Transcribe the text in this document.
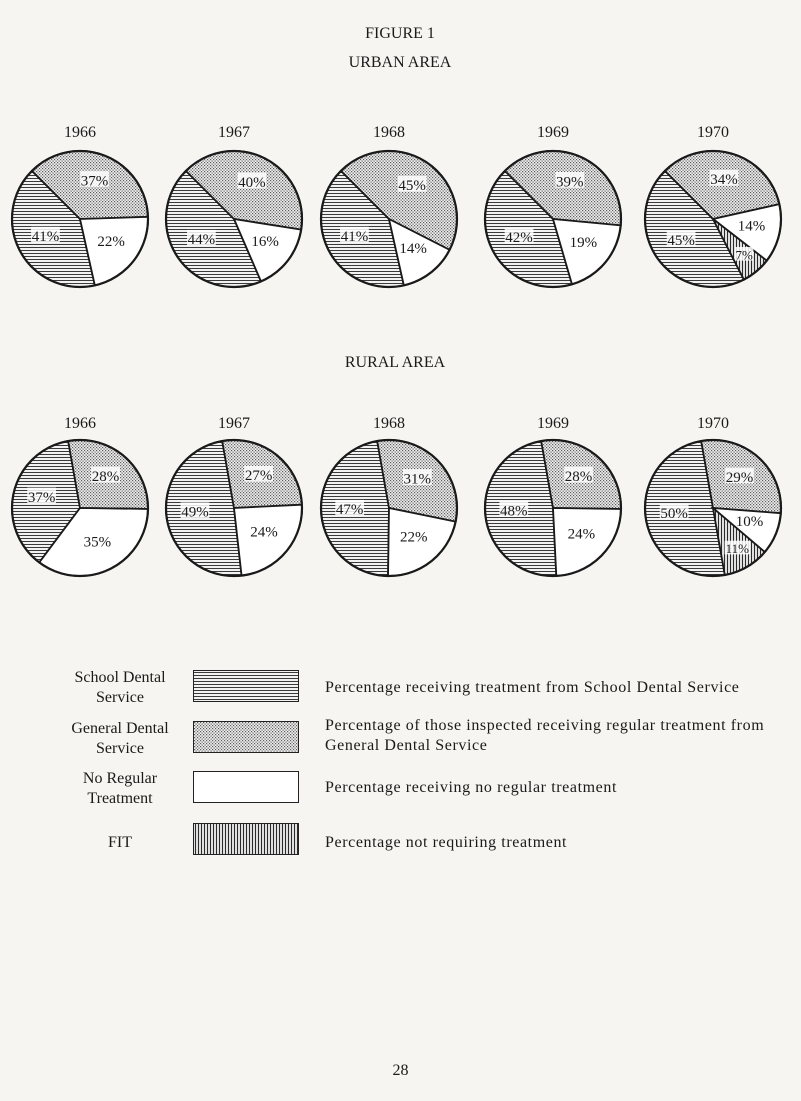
FIGURE 1
URBAN AREA
RURAL AREA
1966
41%
37%
22%
1967
44%
40%
16%
1968
41%
45%
14%
1969
42%
39%
19%
1970
45%
34%
14%
7%
1966
37%
28%
35%
1967
49%
27%
24%
1968
47%
31%
22%
1969
48%
28%
24%
1970
50%
29%
10%
11%
School Dental Service
Percentage receiving treatment from School Dental Service
General Dental Service
Percentage of those inspected receiving regular treatment from General Dental Service
No Regular Treatment
Percentage receiving no regular treatment
FIT	Percentage not requiring treatment
28
